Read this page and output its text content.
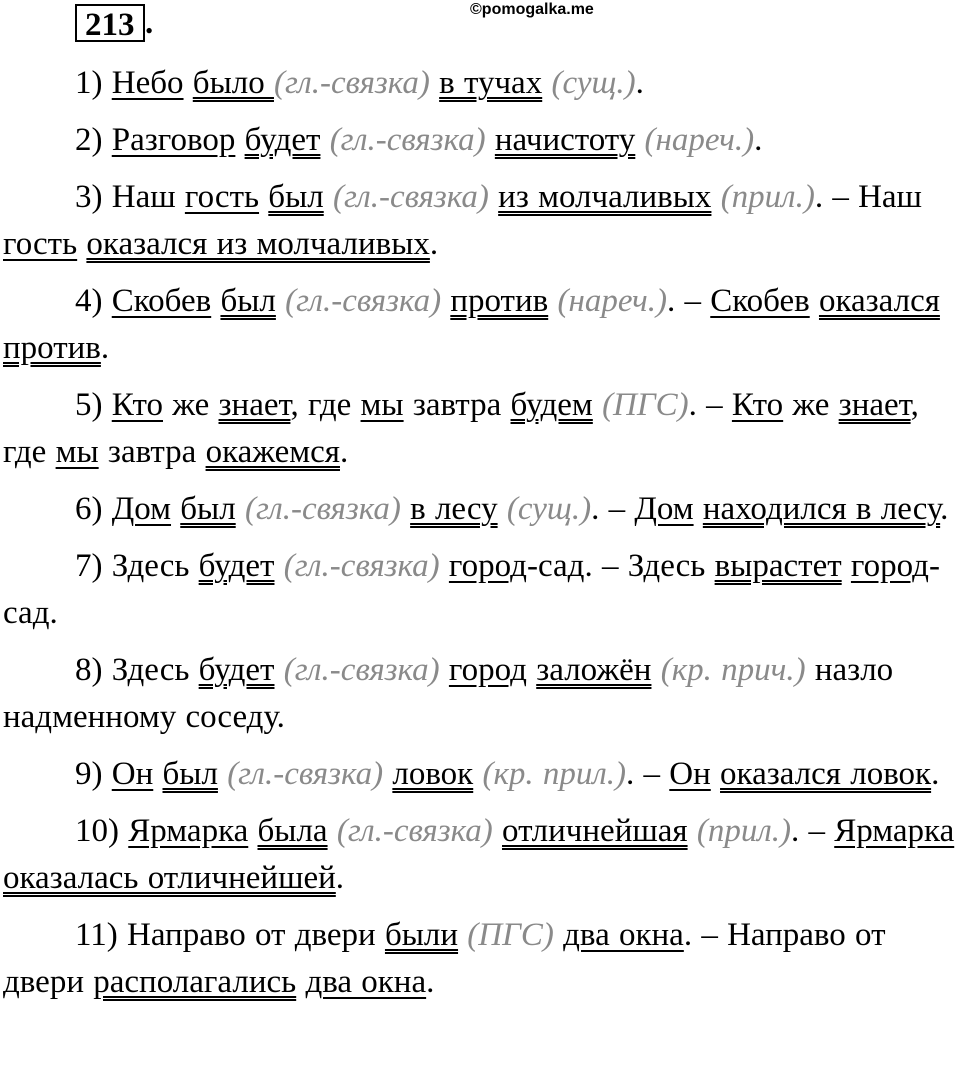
213 .	©pomogalka.me
1) Небо было (гл.-связка) в тучах (сущ.).
2) Разговор будет (гл.-связка) начистоту (нареч.).
3) Наш гость был (гл.-связка) из молчаливых (прил.). – Наш гость оказался из молчаливых.
4) Скобев был (гл.-связка) против (нареч.). – Скобев оказался против.
5) Кто же знает, где мы завтра будем (ПГС). – Кто же знает, где мы завтра окажемся.
6) Дом был (гл.-связка) в лесу (сущ.). – Дом находился в лесу.
7) Здесь будет (гл.-связка) город-сад. – Здесь вырастет город-сад.
8) Здесь будет (гл.-связка) город заложён (кр. прич.) назло надменному соседу.
9) Он был (гл.-связка) ловок (кр. прил.). – Он оказался ловок.
10) Ярмарка была (гл.-связка) отличнейшая (прил.). – Ярмарка оказалась отличнейшей.
11) Направо от двери были (ПГС) два окна. – Направо от двери располагались два окна.
